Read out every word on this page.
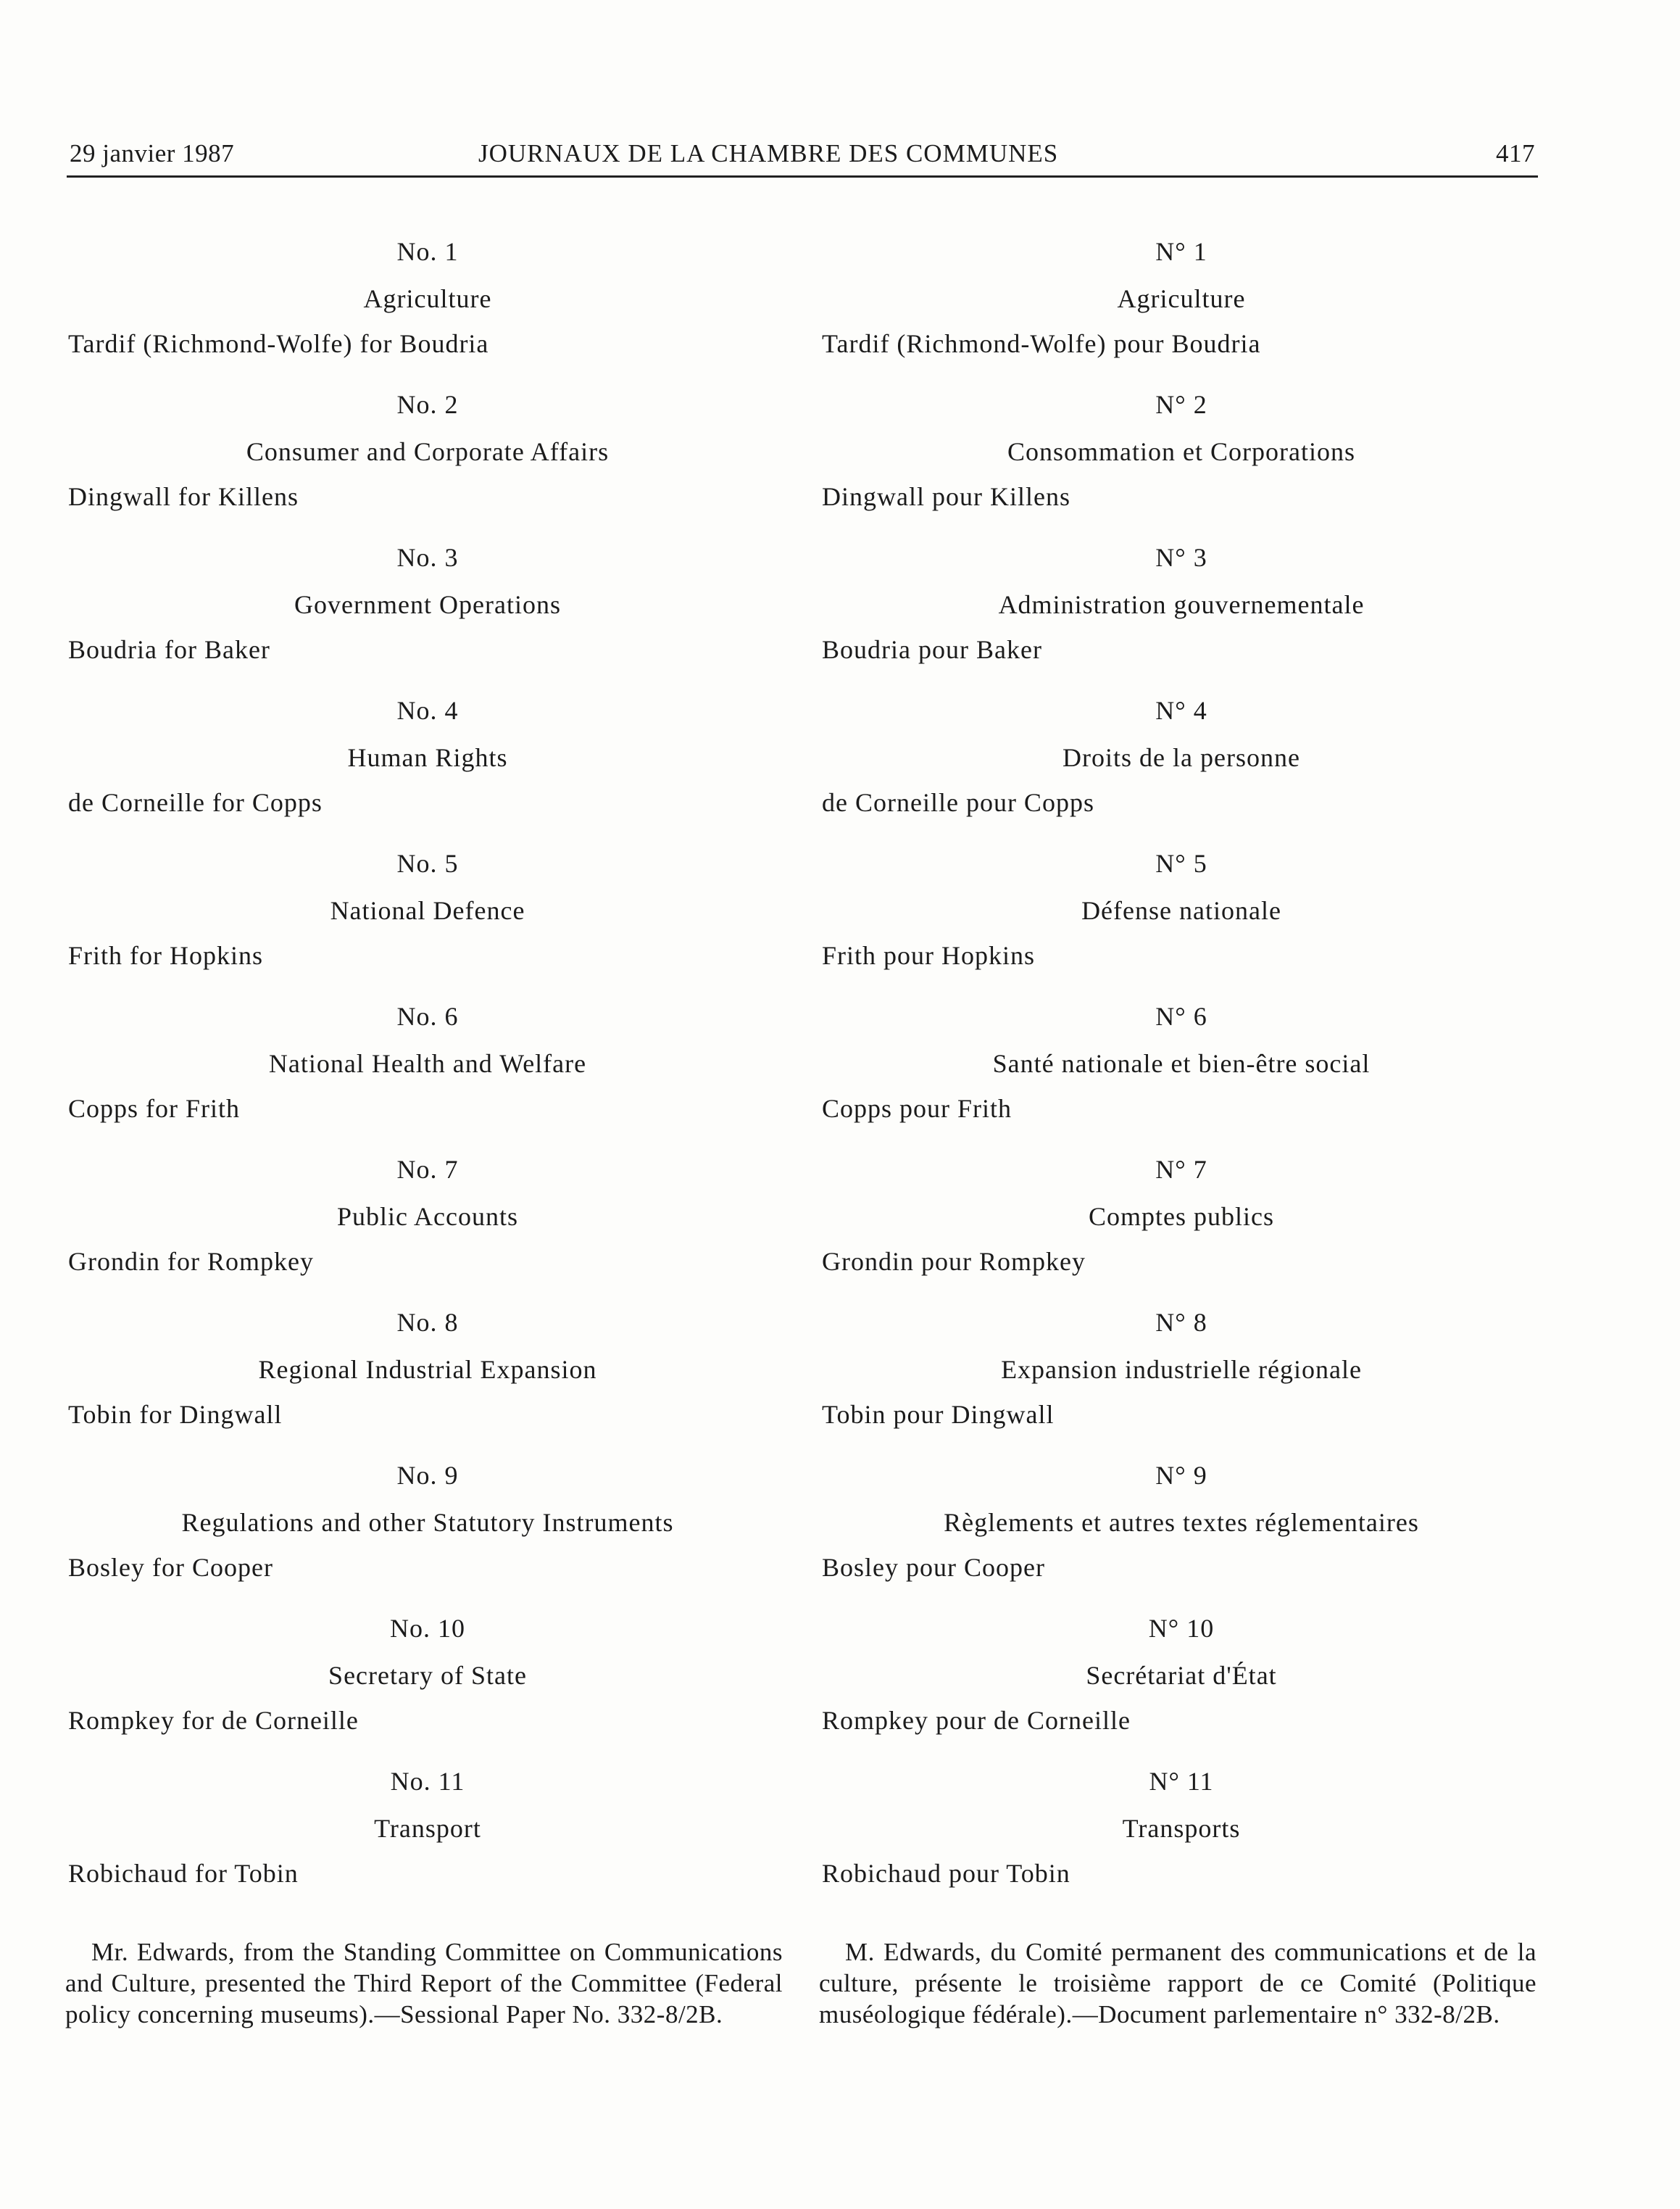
29 janvier 1987	JOURNAUX DE LA CHAMBRE DES COMMUNES	417
No. 1
Agriculture
Tardif (Richmond-Wolfe) for Boudria
No. 2
Consumer and Corporate Affairs
Dingwall for Killens
No. 3
Government Operations
Boudria for Baker
No. 4
Human Rights
de Corneille for Copps
No. 5
National Defence
Frith for Hopkins
No. 6
National Health and Welfare
Copps for Frith
No. 7
Public Accounts
Grondin for Rompkey
No. 8
Regional Industrial Expansion
Tobin for Dingwall
No. 9
Regulations and other Statutory Instruments
Bosley for Cooper
No. 10
Secretary of State
Rompkey for de Corneille
No. 11
Transport
Robichaud for Tobin

Mr. Edwards, from the Standing Committee on Communications and Culture, presented the Third Report of the Committee (Federal policy concerning museums).—Sessional Paper No. 332-8/2B.

N° 1
Agriculture
Tardif (Richmond-Wolfe) pour Boudria
N° 2
Consommation et Corporations
Dingwall pour Killens
N° 3
Administration gouvernementale
Boudria pour Baker
N° 4
Droits de la personne
de Corneille pour Copps
N° 5
Défense nationale
Frith pour Hopkins
N° 6
Santé nationale et bien-être social
Copps pour Frith
N° 7
Comptes publics
Grondin pour Rompkey
N° 8
Expansion industrielle régionale
Tobin pour Dingwall
N° 9
Règlements et autres textes réglementaires
Bosley pour Cooper
N° 10
Secrétariat d'État
Rompkey pour de Corneille
N° 11
Transports
Robichaud pour Tobin

M. Edwards, du Comité permanent des communications et de la culture, présente le troisième rapport de ce Comité (Politique muséologique fédérale).—Document parlementaire n° 332-8/2B.
